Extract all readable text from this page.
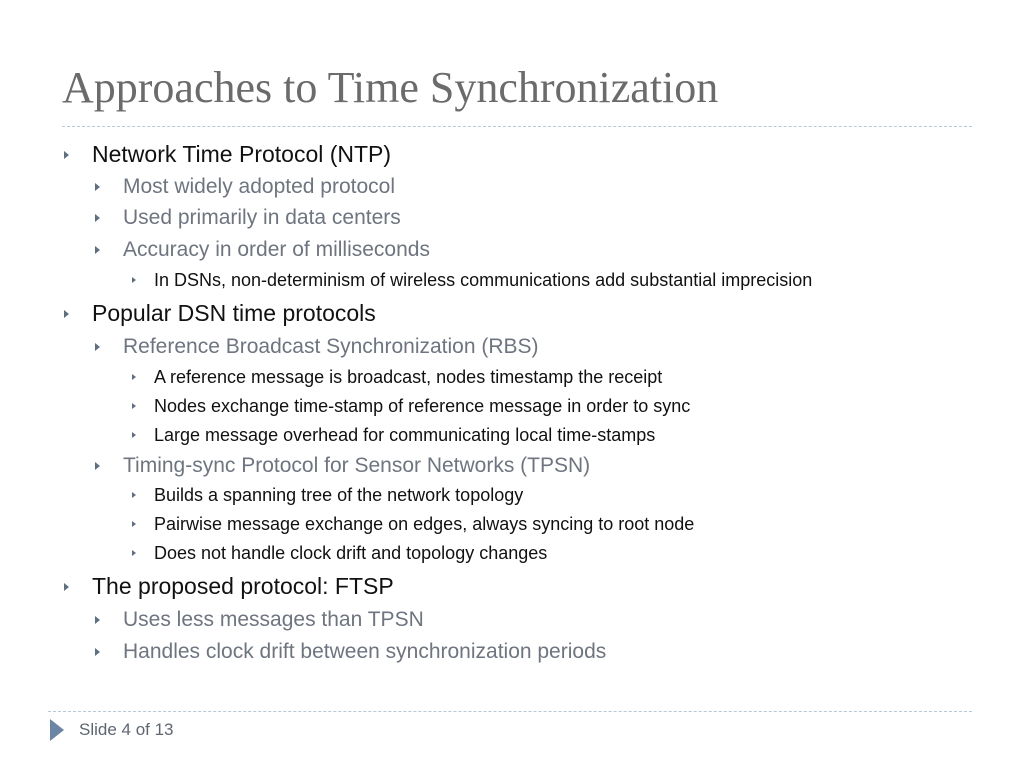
Approaches to Time Synchronization
Network Time Protocol (NTP)
Most widely adopted protocol
Used primarily in data centers
Accuracy in order of milliseconds
In DSNs, non-determinism of wireless communications add substantial imprecision
Popular DSN time protocols
Reference Broadcast Synchronization (RBS)
A reference message is broadcast, nodes timestamp the receipt
Nodes exchange time-stamp of reference message in order to sync
Large message overhead for communicating local time-stamps
Timing-sync Protocol for Sensor Networks (TPSN)
Builds a spanning tree of the network topology
Pairwise message exchange on edges, always syncing to root node
Does not handle clock drift and topology changes
The proposed protocol: FTSP
Uses less messages than TPSN
Handles clock drift between synchronization periods
Slide 4 of 13
